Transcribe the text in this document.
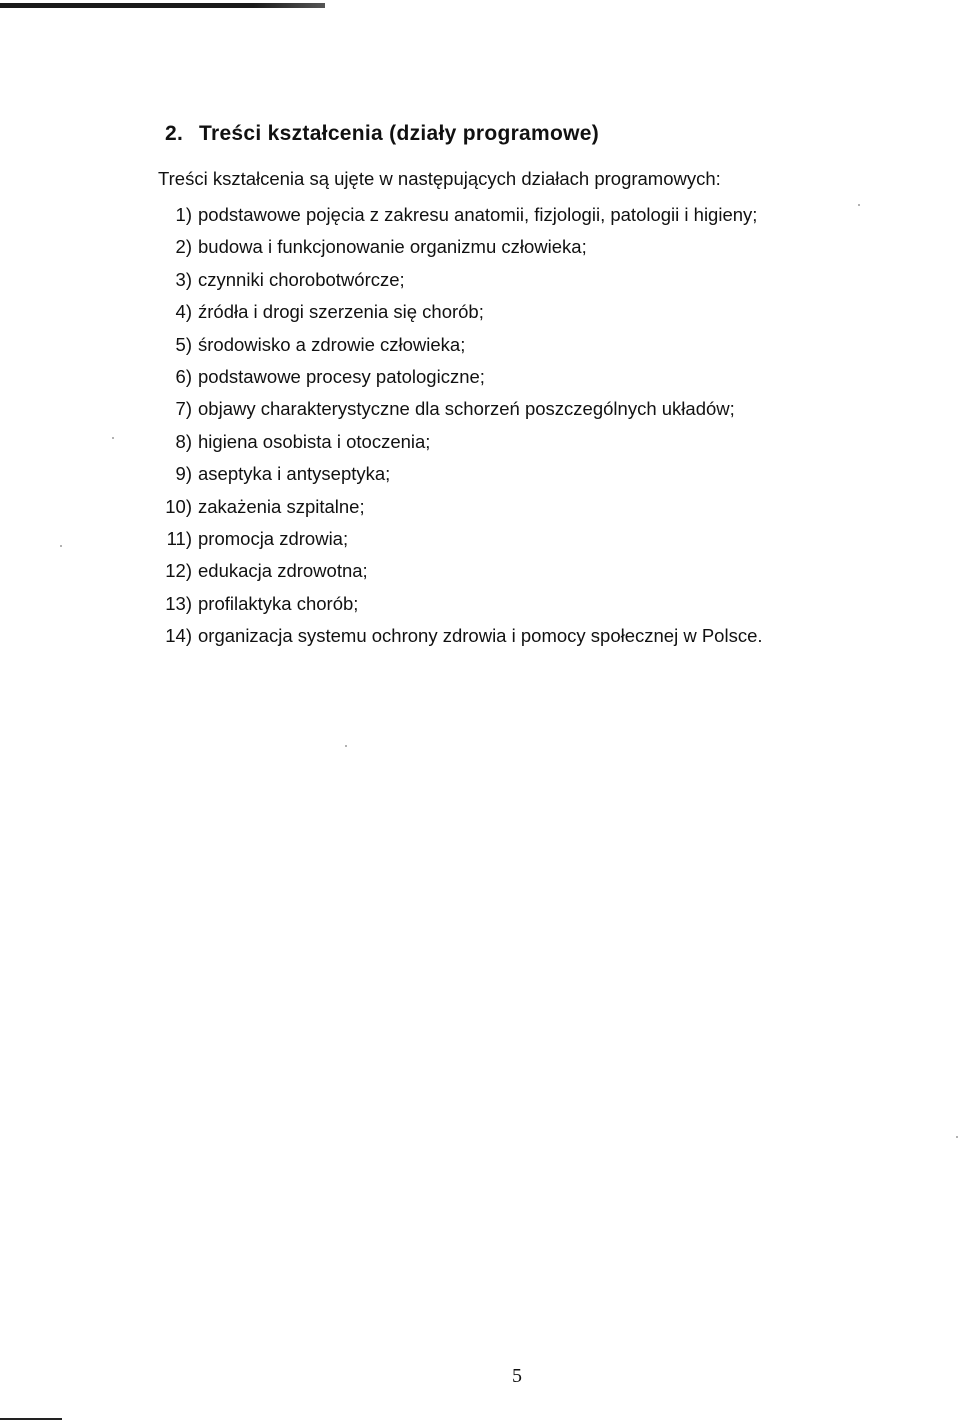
2. Treści kształcenia (działy programowe)
Treści kształcenia są ujęte w następujących działach programowych:
1) podstawowe pojęcia z zakresu anatomii, fizjologii, patologii i higieny;
2) budowa i funkcjonowanie organizmu człowieka;
3) czynniki chorobotwórcze;
4) źródła i drogi szerzenia się chorób;
5) środowisko a zdrowie człowieka;
6) podstawowe procesy patologiczne;
7) objawy charakterystyczne dla schorzeń poszczególnych układów;
8) higiena osobista i otoczenia;
9) aseptyka i antyseptyka;
10) zakażenia szpitalne;
11) promocja zdrowia;
12) edukacja zdrowotna;
13) profilaktyka chorób;
14) organizacja systemu ochrony zdrowia i pomocy społecznej w Polsce.
5
